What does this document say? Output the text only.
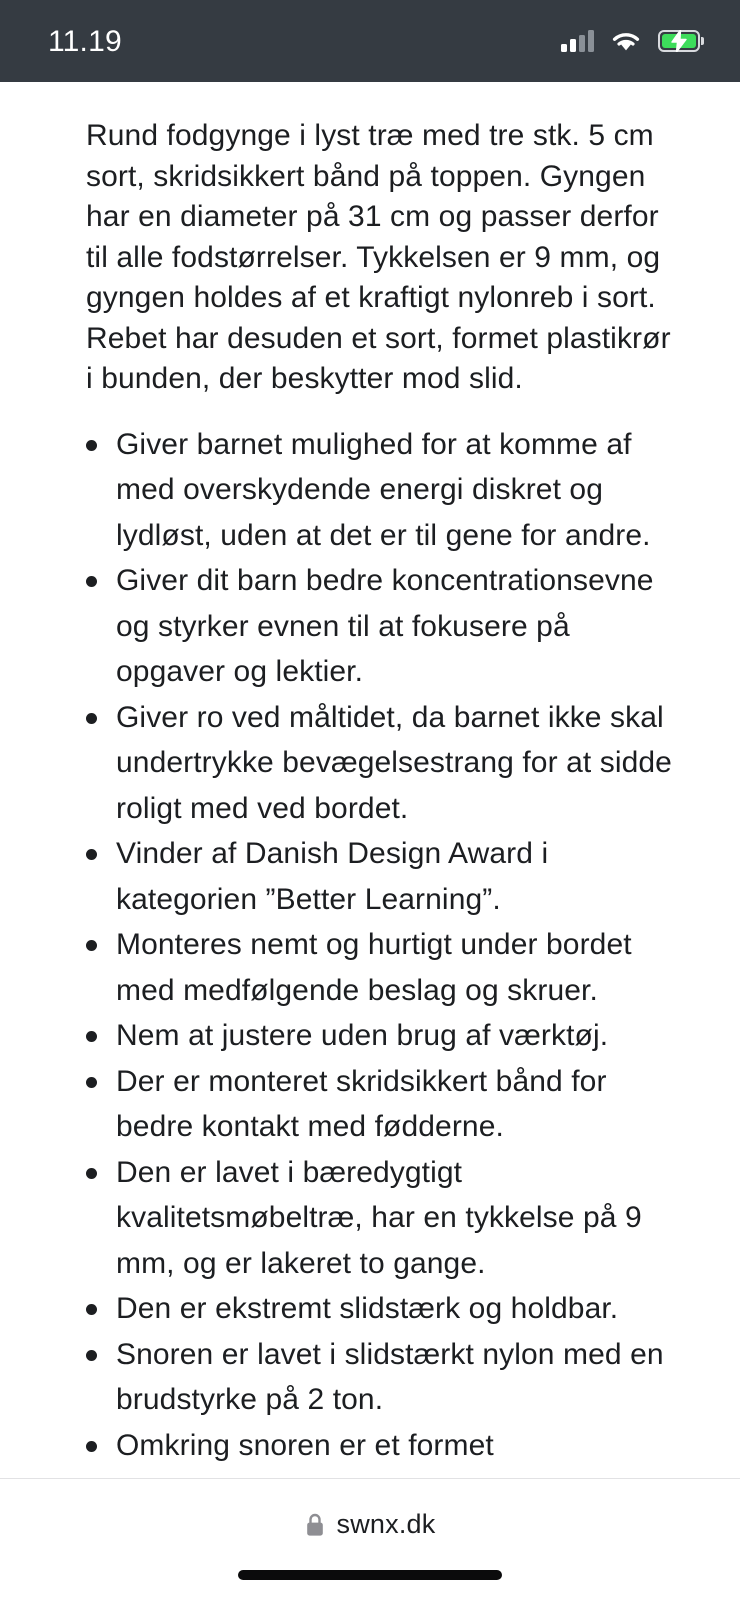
11.19

Rund fodgynge i lyst træ med tre stk. 5 cm sort, skridsikkert bånd på toppen. Gyngen har en diameter på 31 cm og passer derfor til alle fodstørrelser. Tykkelsen er 9 mm, og gyngen holdes af et kraftigt nylonreb i sort. Rebet har desuden et sort, formet plastikrør i bunden, der beskytter mod slid.

Giver barnet mulighed for at komme af med overskydende energi diskret og lydløst, uden at det er til gene for andre.
Giver dit barn bedre koncentrationsevne og styrker evnen til at fokusere på opgaver og lektier.
Giver ro ved måltidet, da barnet ikke skal undertrykke bevægelsestrang for at sidde roligt med ved bordet.
Vinder af Danish Design Award i kategorien ”Better Learning”.
Monteres nemt og hurtigt under bordet med medfølgende beslag og skruer.
Nem at justere uden brug af værktøj.
Der er monteret skridsikkert bånd for bedre kontakt med fødderne.
Den er lavet i bæredygtigt kvalitetsmøbeltræ, har en tykkelse på 9 mm, og er lakeret to gange.
Den er ekstremt slidstærk og holdbar.
Snoren er lavet i slidstærkt nylon med en brudstyrke på 2 ton.
Omkring snoren er et formet
swnx.dk
